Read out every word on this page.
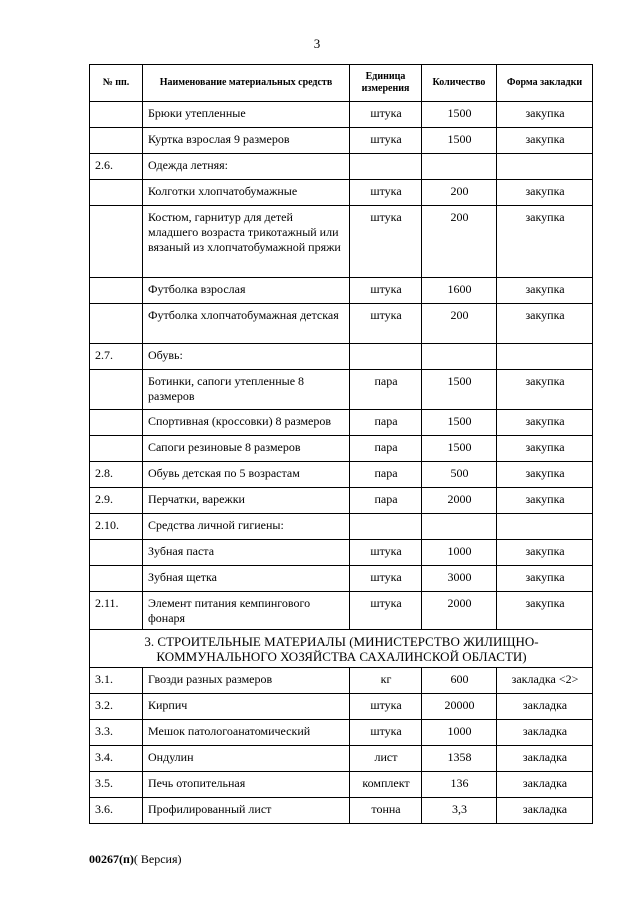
3
№ пп.	Наименование материальных средств	Единица измерения	Количество	Форма закладки
	Брюки утепленные	штука	1500	закупка
	Куртка взрослая 9 размеров	штука	1500	закупка
2.6.	Одежда летняя:			
	Колготки хлопчатобумажные	штука	200	закупка
	Костюм, гарнитур для детей младшего возраста трикотажный или вязаный из хлопчатобумажной пряжи	штука	200	закупка
	Футболка взрослая	штука	1600	закупка
	Футболка хлопчатобумажная детская	штука	200	закупка
2.7.	Обувь:			
	Ботинки, сапоги утепленные 8 размеров	пара	1500	закупка
	Спортивная (кроссовки) 8 размеров	пара	1500	закупка
	Сапоги резиновые 8 размеров	пара	1500	закупка
2.8.	Обувь детская по 5 возрастам	пара	500	закупка
2.9.	Перчатки, варежки	пара	2000	закупка
2.10.	Средства личной гигиены:			
	Зубная паста	штука	1000	закупка
	Зубная щетка	штука	3000	закупка
2.11.	Элемент питания кемпингового фонаря	штука	2000	закупка
3. СТРОИТЕЛЬНЫЕ МАТЕРИАЛЫ (МИНИСТЕРСТВО ЖИЛИЩНО-КОММУНАЛЬНОГО ХОЗЯЙСТВА САХАЛИНСКОЙ ОБЛАСТИ)				
3.1.	Гвозди разных размеров	кг	600	закладка <2>
3.2.	Кирпич	штука	20000	закладка
3.3.	Мешок патологоанатомический	штука	1000	закладка
3.4.	Ондулин	лист	1358	закладка
3.5.	Печь отопительная	комплект	136	закладка
3.6.	Профилированный лист	тонна	3,3	закладка
00267(п)( Версия)
